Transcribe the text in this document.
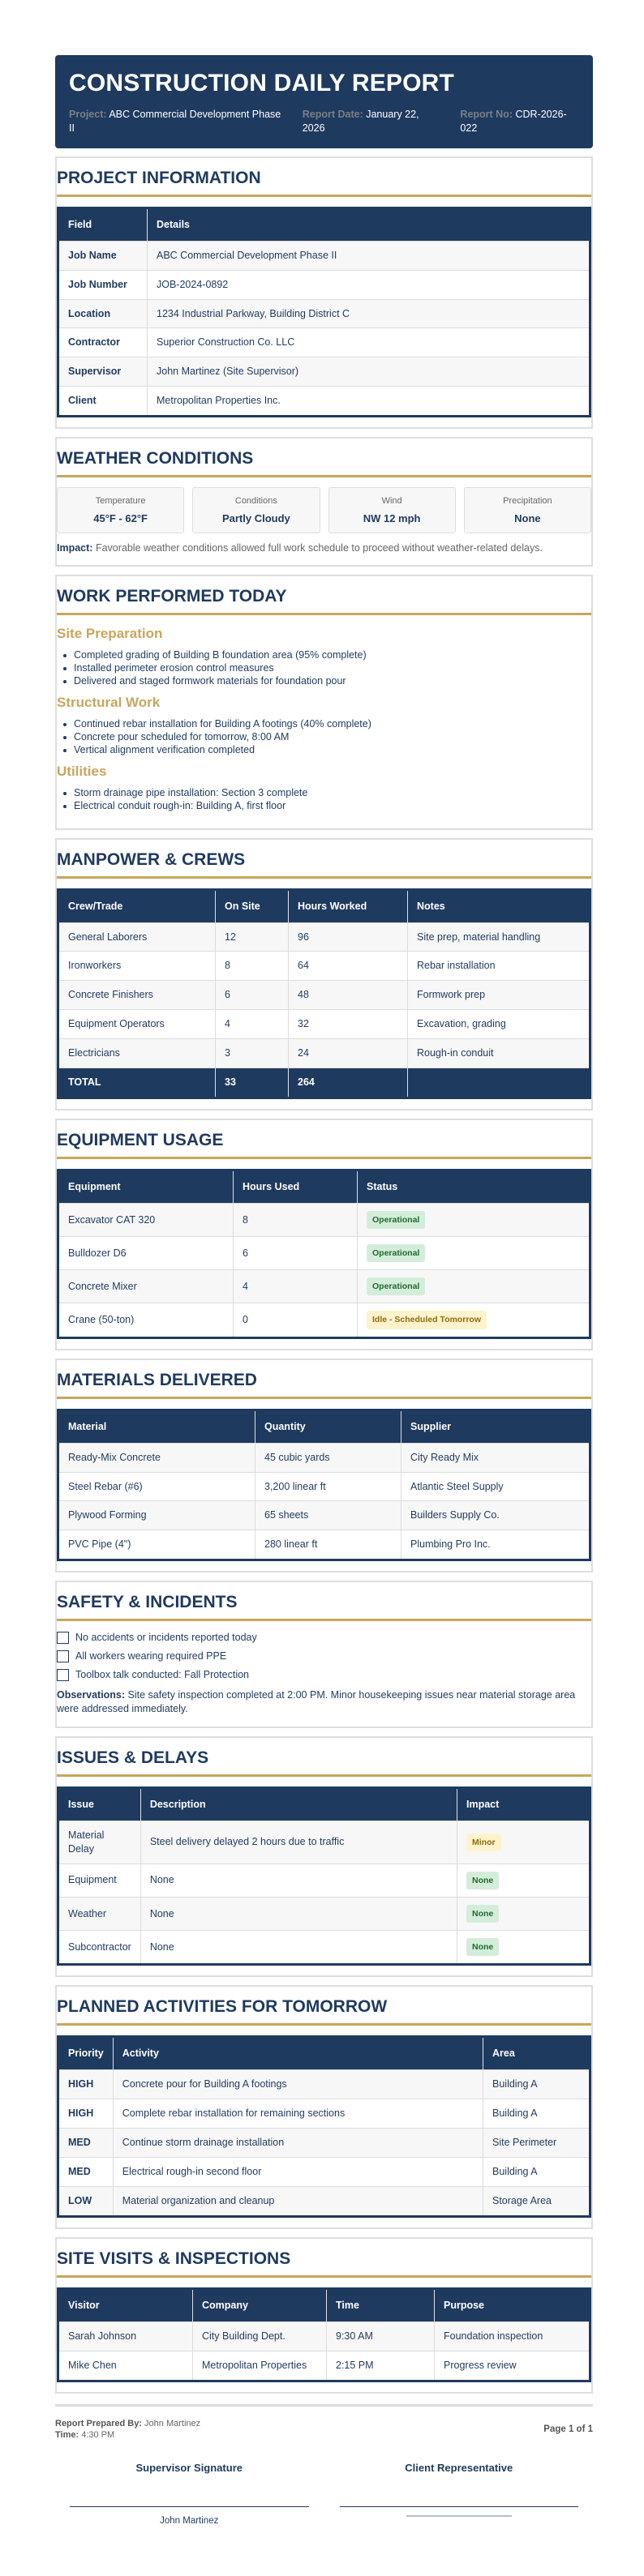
CONSTRUCTION DAILY REPORT
Project: ABC Commercial Development Phase II
Report Date: January 22, 2026
Report No: CDR-2026-022
PROJECT INFORMATION
Field	Details
Job Name	ABC Commercial Development Phase II
Job Number	JOB-2024-0892
Location	1234 Industrial Parkway, Building District C
Contractor	Superior Construction Co. LLC
Supervisor	John Martinez (Site Supervisor)
Client	Metropolitan Properties Inc.
WEATHER CONDITIONS
Temperature
45°F - 62°F
Conditions
Partly Cloudy
Wind
NW 12 mph
Precipitation
None

Impact: Favorable weather conditions allowed full work schedule to proceed without weather-related delays.

WORK PERFORMED TODAY
Site Preparation
Completed grading of Building B foundation area (95% complete)
Installed perimeter erosion control measures
Delivered and staged formwork materials for foundation pour
Structural Work
Continued rebar installation for Building A footings (40% complete)
Concrete pour scheduled for tomorrow, 8:00 AM
Vertical alignment verification completed
Utilities
Storm drainage pipe installation: Section 3 complete
Electrical conduit rough-in: Building A, first floor
MANPOWER & CREWS
Crew/Trade	On Site	Hours Worked	Notes
General Laborers	12	96	Site prep, material handling
Ironworkers	8	64	Rebar installation
Concrete Finishers	6	48	Formwork prep
Equipment Operators	4	32	Excavation, grading
Electricians	3	24	Rough-in conduit
TOTAL	33	264	
EQUIPMENT USAGE
Equipment	Hours Used	Status
Excavator CAT 320	8	Operational
Bulldozer D6	6	Operational
Concrete Mixer	4	Operational
Crane (50-ton)	0	Idle - Scheduled Tomorrow
MATERIALS DELIVERED
Material	Quantity	Supplier
Ready-Mix Concrete	45 cubic yards	City Ready Mix
Steel Rebar (#6)	3,200 linear ft	Atlantic Steel Supply
Plywood Forming	65 sheets	Builders Supply Co.
PVC Pipe (4")	280 linear ft	Plumbing Pro Inc.
SAFETY & INCIDENTS
No accidents or incidents reported today
All workers wearing required PPE
Toolbox talk conducted: Fall Protection

Observations: Site safety inspection completed at 2:00 PM. Minor housekeeping issues near material storage area were addressed immediately.

ISSUES & DELAYS
Issue	Description	Impact
Material Delay	Steel delivery delayed 2 hours due to traffic	Minor
Equipment	None	None
Weather	None	None
Subcontractor	None	None
PLANNED ACTIVITIES FOR TOMORROW
Priority	Activity	Area
HIGH	Concrete pour for Building A footings	Building A
HIGH	Complete rebar installation for remaining sections	Building A
MED	Continue storm drainage installation	Site Perimeter
MED	Electrical rough-in second floor	Building A
LOW	Material organization and cleanup	Storage Area
SITE VISITS & INSPECTIONS
Visitor	Company	Time	Purpose
Sarah Johnson	City Building Dept.	9:30 AM	Foundation inspection
Mike Chen	Metropolitan Properties	2:15 PM	Progress review
Report Prepared By: John Martinez
Time: 4:30 PM
Page 1 of 1
Supervisor Signature
John Martinez
Client Representative
